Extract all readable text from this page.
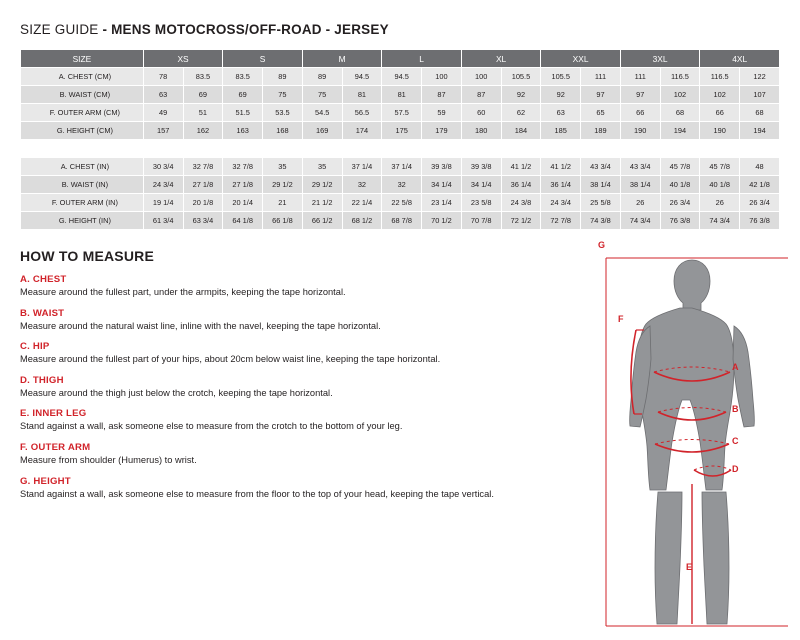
SIZE GUIDE - MENS MOTOCROSS/OFF-ROAD - JERSEY
SIZE	XS		S		M		L		XL		XXL		3XL		4XL	
A. CHEST (CM)	78	83.5	83.5	89	89	94.5	94.5	100	100	105.5	105.5	111	111	116.5	116.5	122
B. WAIST (CM)	63	69	69	75	75	81	81	87	87	92	92	97	97	102	102	107
F. OUTER ARM (CM)	49	51	51.5	53.5	54.5	56.5	57.5	59	60	62	63	65	66	68	66	68
G. HEIGHT (CM)	157	162	163	168	169	174	175	179	180	184	185	189	190	194	190	194

A. CHEST (IN)	30 3/4	32 7/8	32 7/8	35	35	37 1/4	37 1/4	39 3/8	39 3/8	41 1/2	41 1/2	43 3/4	43 3/4	45 7/8	45 7/8	48
B. WAIST (IN)	24 3/4	27 1/8	27 1/8	29 1/2	29 1/2	32	32	34 1/4	34 1/4	36 1/4	36 1/4	38 1/4	38 1/4	40 1/8	40 1/8	42 1/8
F. OUTER ARM (IN)	19 1/4	20 1/8	20 1/4	21	21 1/2	22 1/4	22 5/8	23 1/4	23 5/8	24 3/8	24 3/4	25 5/8	26	26 3/4	26	26 3/4
G. HEIGHT (IN)	61 3/4	63 3/4	64 1/8	66 1/8	66 1/2	68 1/2	68 7/8	70 1/2	70 7/8	72 1/2	72 7/8	74 3/8	74 3/4	76 3/8	74 3/4	76 3/8
HOW TO MEASURE
A. CHEST
Measure around the fullest part, under the armpits, keeping the tape horizontal.
B. WAIST
Measure around the natural waist line, inline with the navel, keeping the tape horizontal.
C. HIP
Measure around the fullest part of your hips, about 20cm below waist line, keeping the tape horizontal.
D. THIGH
Measure around the thigh just below the crotch, keeping the tape horizontal.
E. INNER LEG
Stand against a wall, ask someone else to measure from the crotch to the bottom of your leg.
F. OUTER ARM
Measure from shoulder (Humerus) to wrist.
G. HEIGHT
Stand against a wall, ask someone else to measure from the floor to the top of your head, keeping the tape vertical.
G
F
A
B
C
D
E
